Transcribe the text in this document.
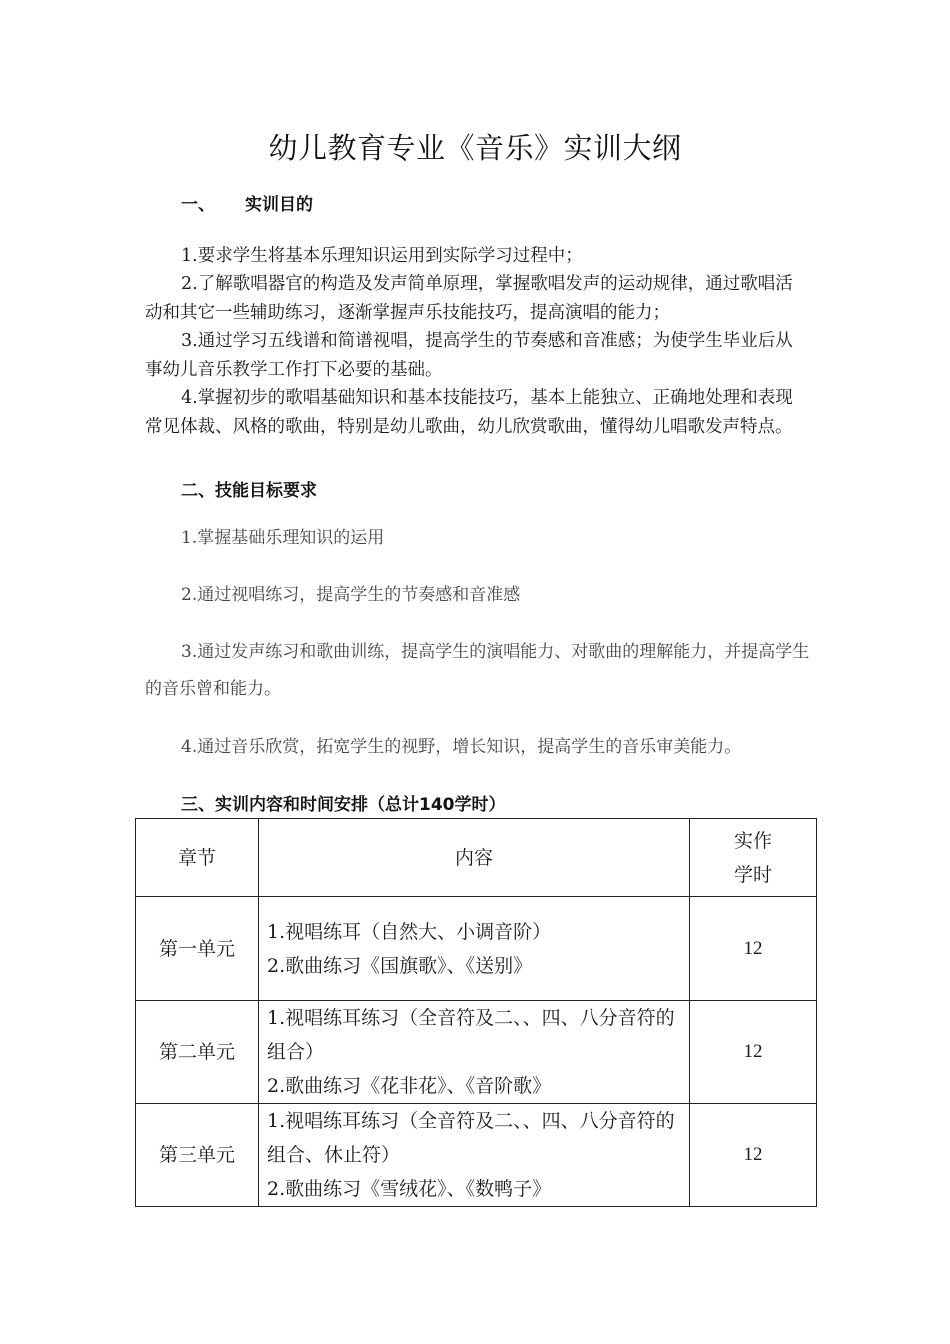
幼儿教育专业《音乐》实训大纲
一、 实训目的
1.要求学生将基本乐理知识运用到实际学习过程中；
2.了解歌唱器官的构造及发声简单原理，掌握歌唱发声的运动规律，通过歌唱活动和其它一些辅助练习，逐渐掌握声乐技能技巧，提高演唱的能力；
3.通过学习五线谱和简谱视唱，提高学生的节奏感和音准感；为使学生毕业后从事幼儿音乐教学工作打下必要的基础。
4.掌握初步的歌唱基础知识和基本技能技巧，基本上能独立、正确地处理和表现常见体裁、风格的歌曲，特别是幼儿歌曲，幼儿欣赏歌曲，懂得幼儿唱歌发声特点。
二、技能目标要求
1.掌握基础乐理知识的运用
2.通过视唱练习，提高学生的节奏感和音准感
3.通过发声练习和歌曲训练，提高学生的演唱能力、对歌曲的理解能力，并提高学生的音乐曾和能力。
4.通过音乐欣赏，拓宽学生的视野，增长知识，提高学生的音乐审美能力。
三、实训内容和时间安排（总计140学时）
章节	内容	实作
学时

第一单元	1.视唱练耳（自然大、小调音阶）
2.歌曲练习《国旗歌》、《送别》	12
第二单元	1.视唱练耳练习（全音符及二、、四、八分音符的组合）
2.歌曲练习《花非花》、《音阶歌》	12
第三单元	1.视唱练耳练习（全音符及二、、四、八分音符的组合、休止符）
2.歌曲练习《雪绒花》、《数鸭子》	12
